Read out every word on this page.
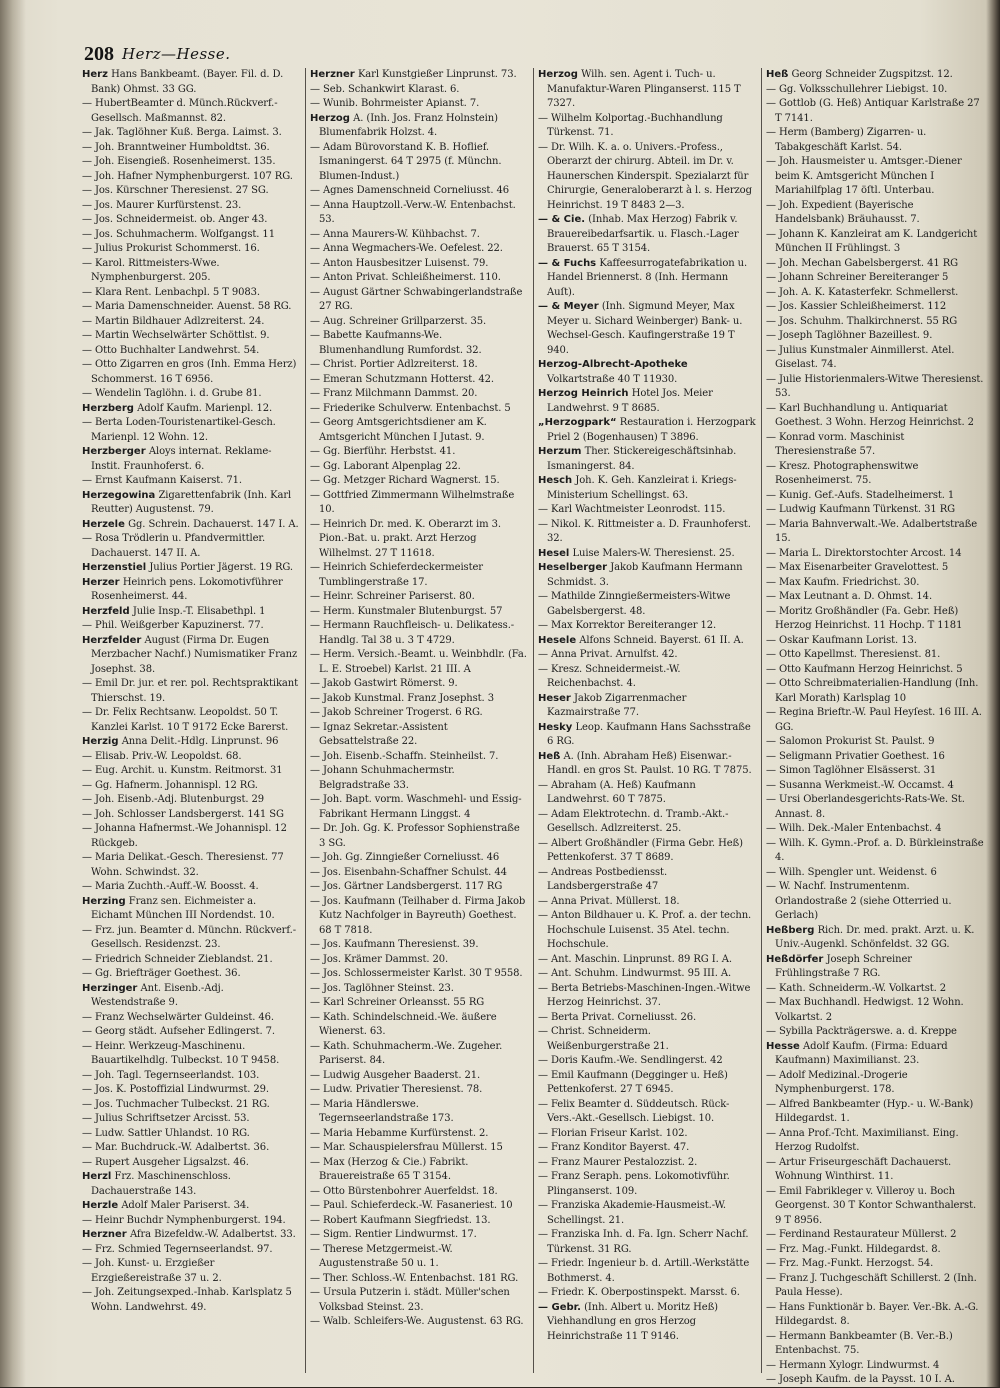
208 Herz—Hesse.

Herz Hans Bankbeamt. (Bayer. Fil. d. D. Bank) Ohmst. 33 GG.

— HubertBeamter d. Münch.Rückverf.-Gesellsch. Maßmannst. 82.

— Jak. Taglöhner Kuß. Berga. Laimst. 3.

— Joh. Branntweiner Humboldtst. 36.

— Joh. Eisengieß. Rosenheimerst. 135.

— Joh. Hafner Nymphenburgerst. 107 RG.

— Jos. Kürschner Theresienst. 27 SG.

— Jos. Maurer Kurfürstenst. 23.

— Jos. Schneidermeist. ob. Anger 43.

— Jos. Schuhmacherm. Wolfgangst. 11

— Julius Prokurist Schommerst. 16.

— Karol. Rittmeisters-Wwe. Nymphenburgerst. 205.

— Klara Rent. Lenbachpl. 5 T 9083.

— Maria Damenschneider. Auenst. 58 RG.

— Martin Bildhauer Adlzreiterst. 24.

— Martin Wechselwärter Schöttlst. 9.

— Otto Buchhalter Landwehrst. 54.

— Otto Zigarren en gros (Inh. Emma Herz) Schommerst. 16 T 6956.

— Wendelin Taglöhn. i. d. Grube 81.

Herzberg Adolf Kaufm. Marienpl. 12.

— Berta Loden-Touristenartikel-Gesch. Marienpl. 12 Wohn. 12.

Herzberger Aloys internat. Reklame-Instit. Fraunhoferst. 6.

— Ernst Kaufmann Kaiserst. 71.

Herzegowina Zigarettenfabrik (Inh. Karl Reutter) Augustenst. 79.

Herzele Gg. Schrein. Dachauerst. 147 I. A.

— Rosa Trödlerin u. Pfandvermittler. Dachauerst. 147 II. A.

Herzenstiel Julius Portier Jägerst. 19 RG.

Herzer Heinrich pens. Lokomotivführer Rosenheimerst. 44.

Herzfeld Julie Insp.-T. Elisabethpl. 1

— Phil. Weißgerber Kapuzinerst. 77.

Herzfelder August (Firma Dr. Eugen Merzbacher Nachf.) Numismatiker Franz Josephst. 38.

— Emil Dr. jur. et rer. pol. Rechtspraktikant Thierschst. 19.

— Dr. Felix Rechtsanw. Leopoldst. 50 T. Kanzlei Karlst. 10 T 9172 Ecke Barerst.

Herzig Anna Delit.-Hdlg. Linprunst. 96

— Elisab. Priv.-W. Leopoldst. 68.

— Eug. Archit. u. Kunstm. Reitmorst. 31

— Gg. Hafnerm. Johannispl. 12 RG.

— Joh. Eisenb.-Adj. Blutenburgst. 29

— Joh. Schlosser Landsbergerst. 141 SG

— Johanna Hafnermst.-We Johannispl. 12 Rückgeb.

— Maria Delikat.-Gesch. Theresienst. 77 Wohn. Schwindst. 32.

— Maria Zuchth.-Auff.-W. Boosst. 4.

Herzing Franz sen. Eichmeister a. Eichamt München III Nordendst. 10.

— Frz. jun. Beamter d. Münchn. Rückverf.-Gesellsch. Residenzst. 23.

— Friedrich Schneider Zieblandst. 21.

— Gg. Briefträger Goethest. 36.

Herzinger Ant. Eisenb.-Adj. Westendstraße 9.

— Franz Wechselwärter Guldeinst. 46.

— Georg städt. Aufseher Edlingerst. 7.

— Heinr. Werkzeug-Maschinenu. Bauartikelhdlg. Tulbeckst. 10 T 9458.

— Joh. Tagl. Tegernseerlandst. 103.

— Jos. K. Postoffizial Lindwurmst. 29.

— Jos. Tuchmacher Tulbeckst. 21 RG.

— Julius Schriftsetzer Arcisst. 53.

— Ludw. Sattler Uhlandst. 10 RG.

— Mar. Buchdruck.-W. Adalbertst. 36.

— Rupert Ausgeher Ligsalzst. 46.

Herzl Frz. Maschinenschloss. Dachauerstraße 143.

Herzle Adolf Maler Pariserst. 34.

— Heinr Buchdr Nymphenburgerst. 194.

Herzner Afra Bizefeldw.-W. Adalbertst. 33.

— Frz. Schmied Tegernseerlandst. 97.

— Joh. Kunst- u. Erzgießer Erzgießereistraße 37 u. 2.

— Joh. Zeitungsexped.-Inhab. Karlsplatz 5 Wohn. Landwehrst. 49.

Herzner Karl Kunstgießer Linprunst. 73.

— Seb. Schankwirt Klarast. 6.

— Wunib. Bohrmeister Apianst. 7.

Herzog A. (Inh. Jos. Franz Holnstein) Blumenfabrik Holzst. 4.

— Adam Bürovorstand K. B. Hoflief. Ismaningerst. 64 T 2975 (f. Münchn. Blumen-Indust.)

— Agnes Damenschneid Corneliusst. 46

— Anna Hauptzoll.-Verw.-W. Entenbachst. 53.

— Anna Maurers-W. Kühbachst. 7.

— Anna Wegmachers-We. Oefelest. 22.

— Anton Hausbesitzer Luisenst. 79.

— Anton Privat. Schleißheimerst. 110.

— August Gärtner Schwabingerlandstraße 27 RG.

— Aug. Schreiner Grillparzerst. 35.

— Babette Kaufmanns-We. Blumenhandlung Rumfordst. 32.

— Christ. Portier Adlzreiterst. 18.

— Emeran Schutzmann Hotterst. 42.

— Franz Milchmann Dammst. 20.

— Friederike Schulverw. Entenbachst. 5

— Georg Amtsgerichtsdiener am K. Amtsgericht München I Jutast. 9.

— Gg. Bierführ. Herbstst. 41.

— Gg. Laborant Alpenplag 22.

— Gg. Metzger Richard Wagnerst. 15.

— Gottfried Zimmermann Wilhelmstraße 10.

— Heinrich Dr. med. K. Oberarzt im 3. Pion.-Bat. u. prakt. Arzt Herzog Wilhelmst. 27 T 11618.

— Heinrich Schieferdeckermeister Tumblingerstraße 17.

— Heinr. Schreiner Pariserst. 80.

— Herm. Kunstmaler Blutenburgst. 57

— Hermann Rauchfleisch- u. Delikatess.-Handlg. Tal 38 u. 3 T 4729.

— Herm. Versich.-Beamt. u. Weinbhdlr. (Fa. L. E. Stroebel) Karlst. 21 III. A

— Jakob Gastwirt Römerst. 9.

— Jakob Kunstmal. Franz Josephst. 3

— Jakob Schreiner Trogerst. 6 RG.

— Ignaz Sekretar.-Assistent Gebsattelstraße 22.

— Joh. Eisenb.-Schaffn. Steinheilst. 7.

— Johann Schuhmachermstr. Belgradstraße 33.

— Joh. Bapt. vorm. Waschmehl- und Essig-Fabrikant Hermann Linggst. 4

— Dr. Joh. Gg. K. Professor Sophienstraße 3 SG.

— Joh. Gg. Zinngießer Corneliusst. 46

— Jos. Eisenbahn-Schaffner Schulst. 44

— Jos. Gärtner Landsbergerst. 117 RG

— Jos. Kaufmann (Teilhaber d. Firma Jakob Kutz Nachfolger in Bayreuth) Goethest. 68 T 7818.

— Jos. Kaufmann Theresienst. 39.

— Jos. Krämer Dammst. 20.

— Jos. Schlossermeister Karlst. 30 T 9558.

— Jos. Taglöhner Steinst. 23.

— Karl Schreiner Orleansst. 55 RG

— Kath. Schindelschneid.-We. äußere Wienerst. 63.

— Kath. Schuhmacherm.-We. Zugeher. Pariserst. 84.

— Ludwig Ausgeher Baaderst. 21.

— Ludw. Privatier Theresienst. 78.

— Maria Händlerswe. Tegernseerlandstraße 173.

— Maria Hebamme Kurfürstenst. 2.

— Mar. Schauspielersfrau Müllerst. 15

— Max (Herzog & Cie.) Fabrikt. Brauereistraße 65 T 3154.

— Otto Bürstenbohrer Auerfeldst. 18.

— Paul. Schieferdeck.-W. Fasaneriest. 10

— Robert Kaufmann Siegfriedst. 13.

— Sigm. Rentier Lindwurmst. 17.

— Therese Metzgermeist.-W. Augustenstraße 50 u. 1.

— Ther. Schloss.-W. Entenbachst. 181 RG.

— Ursula Putzerin i. städt. Müller'schen Volksbad Steinst. 23.

— Walb. Schleifers-We. Augustenst. 63 RG.

Herzog Wilh. sen. Agent i. Tuch- u. Manufaktur-Waren Plinganserst. 115 T 7327.

— Wilhelm Kolportag.-Buchhandlung Türkenst. 71.

— Dr. Wilh. K. a. o. Univers.-Profess., Oberarzt der chirurg. Abteil. im Dr. v. Haunerschen Kinderspit. Spezialarzt für Chirurgie, Generaloberarzt à l. s. Herzog Heinrichst. 19 T 8483 2—3.

— & Cie. (Inhab. Max Herzog) Fabrik v. Brauereibedarfsartik. u. Flasch.-Lager Brauerst. 65 T 3154.

— & Fuchs Kaffeesurrogatefabrikation u. Handel Briennerst. 8 (Inh. Hermann Auſt).

— & Meyer (Inh. Sigmund Meyer, Max Meyer u. Sichard Weinberger) Bank- u. Wechsel-Gesch. Kaufingerstraße 19 T 940.

Herzog-Albrecht-Apotheke Volkartstraße 40 T 11930.

Herzog Heinrich Hotel Jos. Meier Landwehrst. 9 T 8685.

„Herzogpark“ Restauration i. Herzogpark Priel 2 (Bogenhausen) T 3896.

Herzum Ther. Stickereigeschäftsinhab. Ismaningerst. 84.

Hesch Joh. K. Geh. Kanzleirat i. Kriegs-Ministerium Schellingst. 63.

— Karl Wachtmeister Leonrodst. 115.

— Nikol. K. Rittmeister a. D. Fraunhoferst. 32.

Hesel Luise Malers-W. Theresienst. 25.

Heselberger Jakob Kaufmann Hermann Schmidst. 3.

— Mathilde Zinngießermeisters-Witwe Gabelsbergerst. 48.

— Max Korrektor Bereiteranger 12.

Hesele Alfons Schneid. Bayerst. 61 II. A.

— Anna Privat. Arnulfst. 42.

— Kresz. Schneidermeist.-W. Reichenbachst. 4.

Heser Jakob Zigarrenmacher Kazmairstraße 77.

Hesky Leop. Kaufmann Hans Sachsstraße 6 RG.

Heß A. (Inh. Abraham Heß) Eisenwar.-Handl. en gros St. Paulst. 10 RG. T 7875.

— Abraham (A. Heß) Kaufmann Landwehrst. 60 T 7875.

— Adam Elektrotechn. d. Tramb.-Akt.-Gesellsch. Adlzreiterst. 25.

— Albert Großhändler (Firma Gebr. Heß) Pettenkoferst. 37 T 8689.

— Andreas Postbediensst. Landsbergerstraße 47

— Anna Privat. Müllerst. 18.

— Anton Bildhauer u. K. Prof. a. der techn. Hochschule Luisenst. 35 Atel. techn. Hochschule.

— Ant. Maschin. Linprunst. 89 RG I. A.

— Ant. Schuhm. Lindwurmst. 95 III. A.

— Berta Betriebs-Maschinen-Ingen.-Witwe Herzog Heinrichst. 37.

— Berta Privat. Corneliusst. 26.

— Christ. Schneiderm. Weißenburgerstraße 21.

— Doris Kaufm.-We. Sendlingerst. 42

— Emil Kaufmann (Degginger u. Heß) Pettenkoferst. 27 T 6945.

— Felix Beamter d. Süddeutsch. Rück-Vers.-Akt.-Gesellsch. Liebigst. 10.

— Florian Friseur Karlst. 102.

— Franz Konditor Bayerst. 47.

— Franz Maurer Pestalozzist. 2.

— Franz Seraph. pens. Lokomotivführ. Plinganserst. 109.

— Franziska Akademie-Hausmeist.-W. Schellingst. 21.

— Franziska Inh. d. Fa. Ign. Scherr Nachf. Türkenst. 31 RG.

— Friedr. Ingenieur b. d. Artill.-Werkstätte Bothmerst. 4.

— Friedr. K. Oberpostinspekt. Marsst. 6.

— Gebr. (Inh. Albert u. Moritz Heß) Viehhandlung en gros Herzog Heinrichstraße 11 T 9146.

Heß Georg Schneider Zugspitzst. 12.

— Gg. Volksschullehrer Liebigst. 10.

— Gottlob (G. Heß) Antiquar Karlstraße 27 T 7141.

— Herm (Bamberg) Zigarren- u. Tabakgeschäft Karlst. 54.

— Joh. Hausmeister u. Amtsger.-Diener beim K. Amtsgericht München I Mariahilfplag 17 öſtl. Unterbau.

— Joh. Expedient (Bayerische Handelsbank) Bräuhausst. 7.

— Johann K. Kanzleirat am K. Landgericht München II Frühlingst. 3

— Joh. Mechan Gabelsbergerst. 41 RG

— Johann Schreiner Bereiteranger 5

— Joh. A. K. Katasterfekr. Schmellerst.

— Jos. Kassier Schleißheimerst. 112

— Jos. Schuhm. Thalkirchnerst. 55 RG

— Joseph Taglöhner Bazeillest. 9.

— Julius Kunstmaler Ainmillerst. Atel. Giselast. 74.

— Julie Historienmalers-Witwe Theresienst. 53.

— Karl Buchhandlung u. Antiquariat Goethest. 3 Wohn. Herzog Heinrichst. 2

— Konrad vorm. Maschinist Theresienstraße 57.

— Kresz. Photographenswitwe Rosenheimerst. 75.

— Kunig. Gef.-Aufs. Stadelheimerst. 1

— Ludwig Kaufmann Türkenst. 31 RG

— Maria Bahnverwalt.-We. Adalbertstraße 15.

— Maria L. Direktorstochter Arcost. 14

— Max Eisenarbeiter Gravelottest. 5

— Max Kaufm. Friedrichst. 30.

— Max Leutnant a. D. Ohmst. 14.

— Moritz Großhändler (Fa. Gebr. Heß) Herzog Heinrichst. 11 Hochp. T 1181

— Oskar Kaufmann Lorist. 13.

— Otto Kapellmst. Theresienst. 81.

— Otto Kaufmann Herzog Heinrichst. 5

— Otto Schreibmaterialien-Handlung (Inh. Karl Morath) Karlsplag 10

— Regina Brieftr.-W. Paul Heyſest. 16 III. A. GG.

— Salomon Prokurist St. Paulst. 9

— Seligmann Privatier Goethest. 16

— Simon Taglöhner Elsässerst. 31

— Susanna Werkmeist.-W. Occamst. 4

— Ursi Oberlandesgerichts-Rats-We. St. Annast. 8.

— Wilh. Dek.-Maler Entenbachst. 4

— Wilh. K. Gymn.-Prof. a. D. Bürkleinstraße 4.

— Wilh. Spengler unt. Weidenst. 6

— W. Nachf. Instrumentenm. Orlandostraße 2 (siehe Otterried u. Gerlach)

Heßberg Rich. Dr. med. prakt. Arzt. u. K. Univ.-Augenkl. Schönfeldst. 32 GG.

Heßdörfer Joseph Schreiner Frühlingstraße 7 RG.

— Kath. Schneiderm.-W. Volkartst. 2

— Max Buchhandl. Hedwigst. 12 Wohn. Volkartst. 2

— Sybilla Packträgerswe. a. d. Kreppe

Hesse Adolf Kaufm. (Firma: Eduard Kaufmann) Maximilianst. 23.

— Adolf Medizinal.-Drogerie Nymphenburgerst. 178.

— Alfred Bankbeamter (Hyp.- u. W.-Bank) Hildegardst. 1.

— Anna Prof.-Tcht. Maximilianst. Eing. Herzog Rudolfst.

— Artur Friseurgeschäft Dachauerst. Wohnung Winthirst. 11.

— Emil Fabrikleger v. Villeroy u. Boch Georgenst. 30 T Kontor Schwanthalerst. 9 T 8956.

— Ferdinand Restaurateur Müllerst. 2

— Frz. Mag.-Funkt. Hildegardst. 8.

— Frz. Mag.-Funkt. Herzogst. 54.

— Franz J. Tuchgeschäft Schillerst. 2 (Inh. Paula Hesse).

— Hans Funktionär b. Bayer. Ver.-Bk. A.-G. Hildegardst. 8.

— Hermann Bankbeamter (B. Ver.-B.) Entenbachst. 75.

— Hermann Xylogr. Lindwurmst. 4

— Joseph Kaufm. de la Paysst. 10 I. A.
